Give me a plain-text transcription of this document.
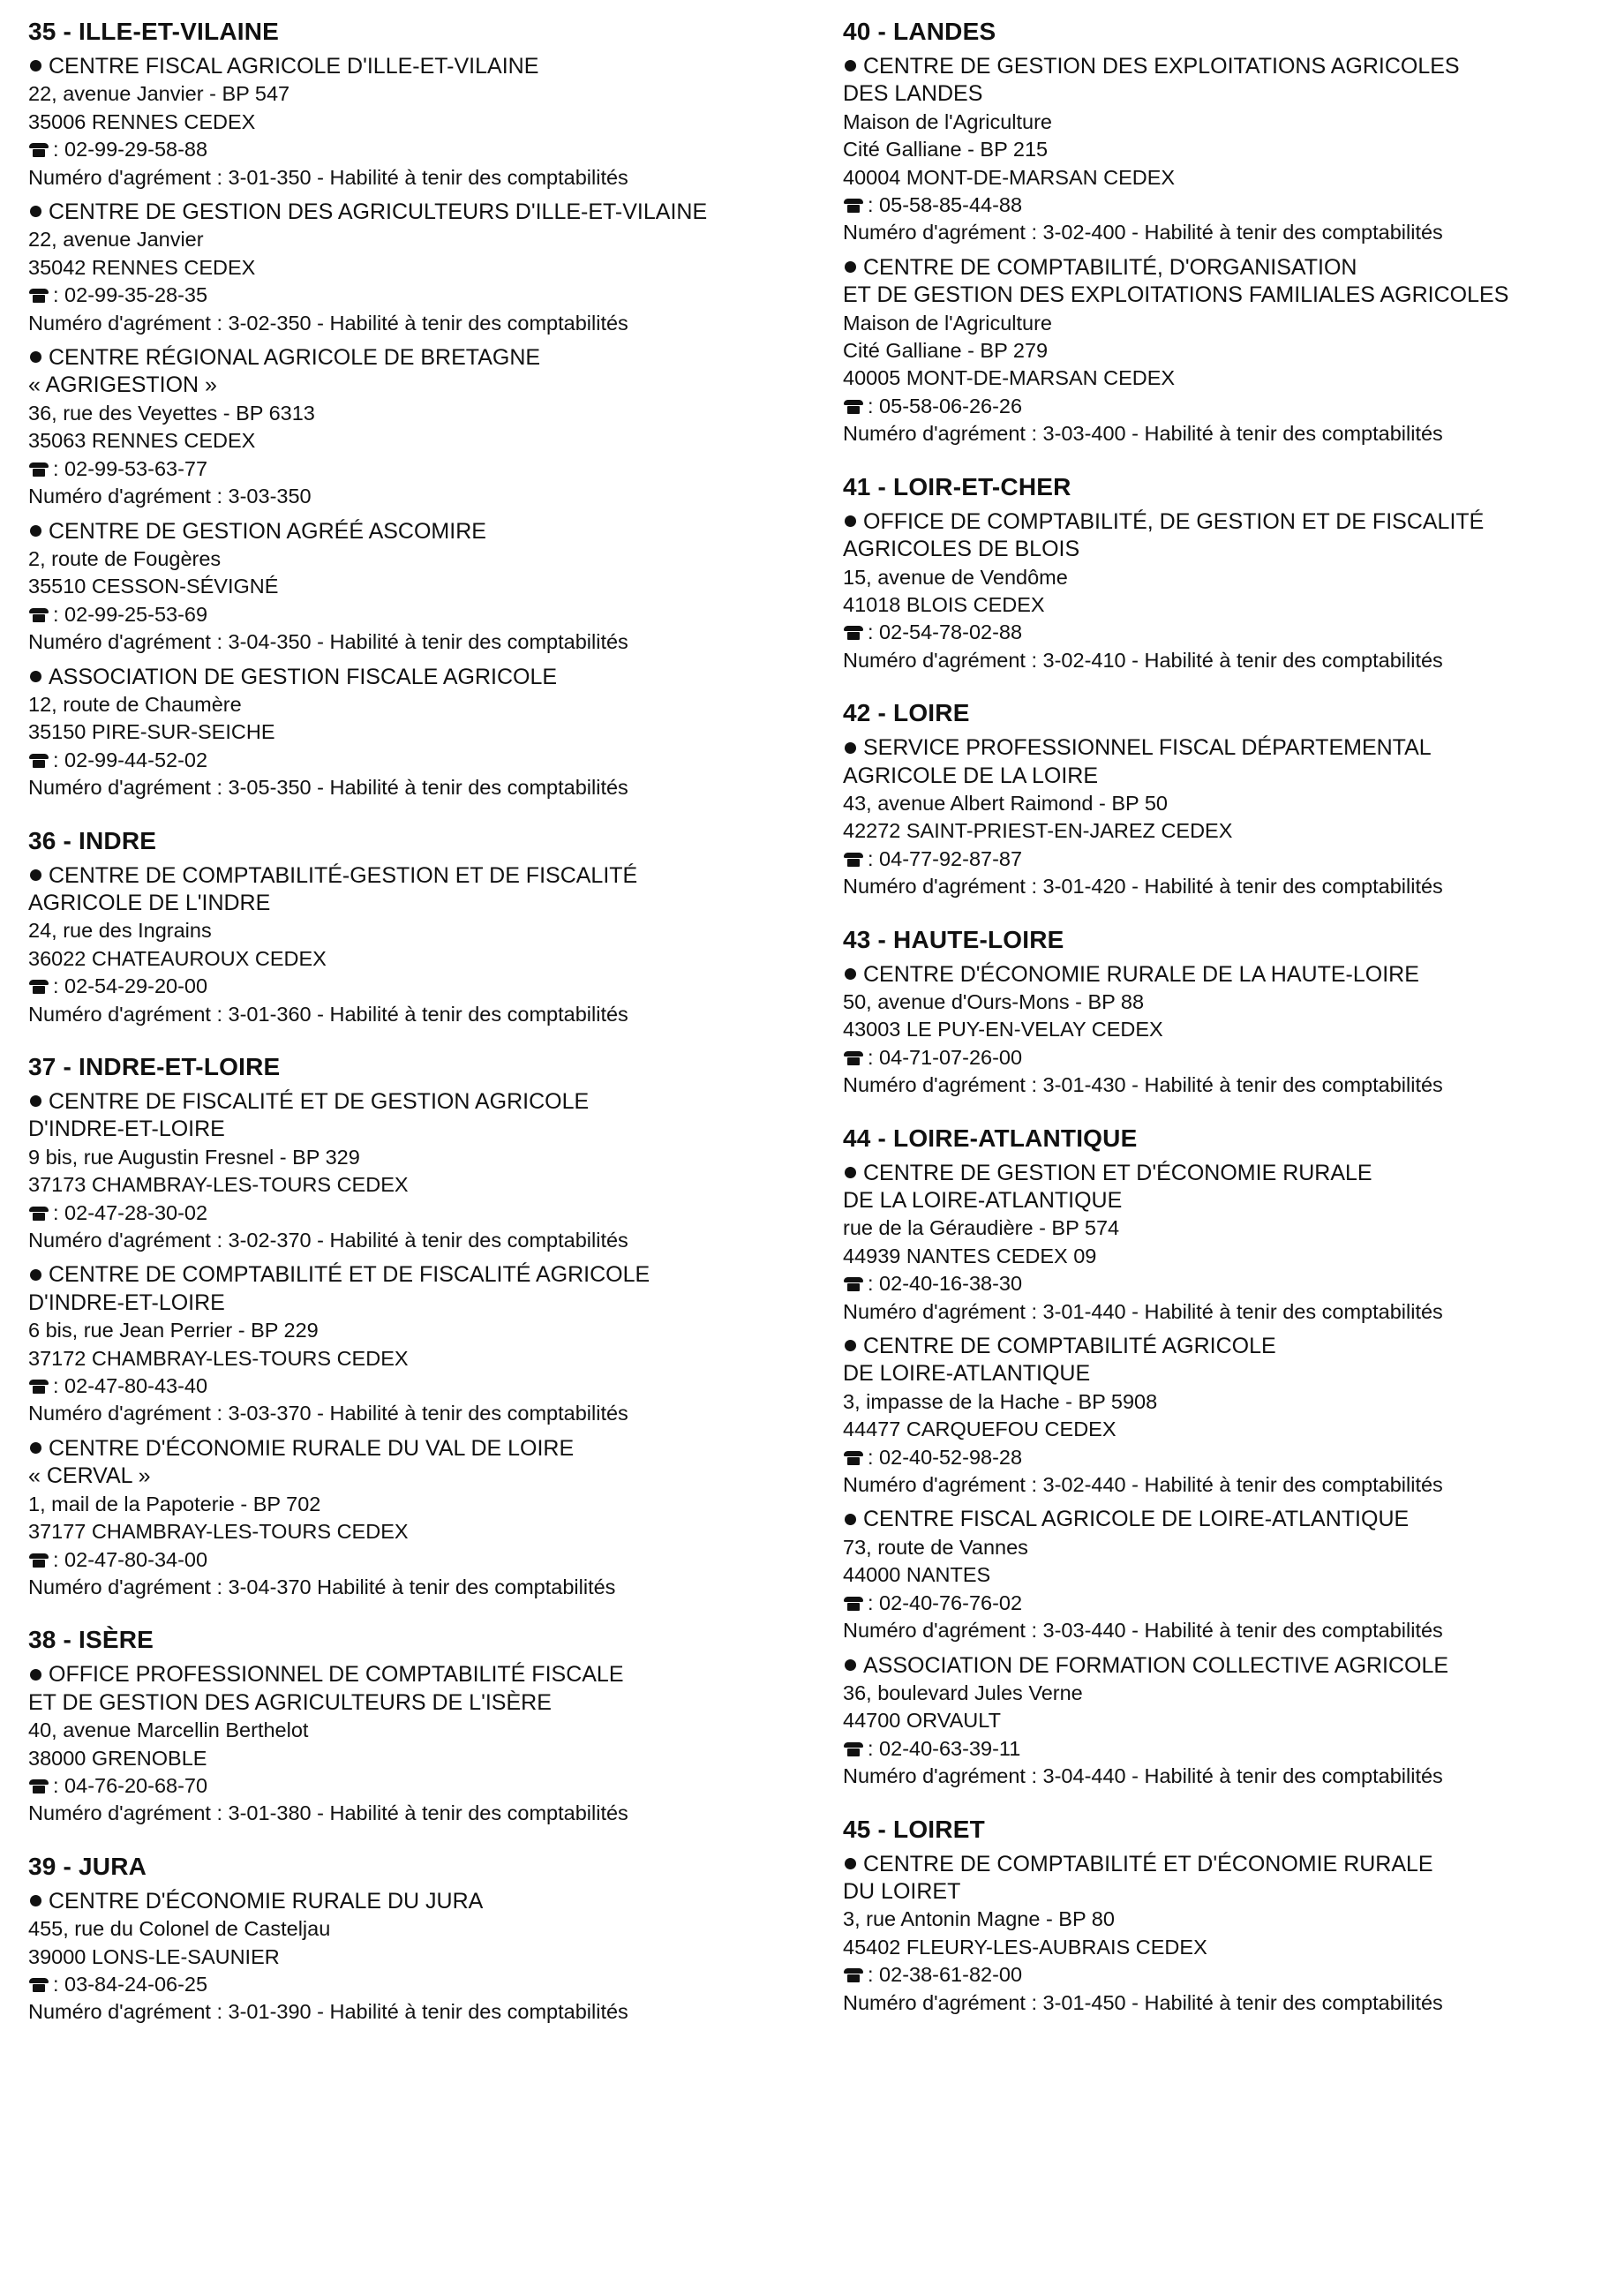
35 - ILLE-ET-VILAINE
CENTRE FISCAL AGRICOLE D'ILLE-ET-VILAINE
22, avenue Janvier - BP 547
35006 RENNES CEDEX
: 02-99-29-58-88
Numéro d'agrément : 3-01-350 - Habilité à tenir des comptabilités
CENTRE DE GESTION DES AGRICULTEURS D'ILLE-ET-VILAINE
22, avenue Janvier
35042 RENNES CEDEX
: 02-99-35-28-35
Numéro d'agrément : 3-02-350 - Habilité à tenir des comptabilités
CENTRE RÉGIONAL AGRICOLE DE BRETAGNE
« AGRIGESTION »
36, rue des Veyettes - BP 6313
35063 RENNES CEDEX
: 02-99-53-63-77
Numéro d'agrément : 3-03-350
CENTRE DE GESTION AGRÉÉ ASCOMIRE
2, route de Fougères
35510 CESSON-SÉVIGNÉ
: 02-99-25-53-69
Numéro d'agrément : 3-04-350 - Habilité à tenir des comptabilités
ASSOCIATION DE GESTION FISCALE AGRICOLE
12, route de Chaumère
35150 PIRE-SUR-SEICHE
: 02-99-44-52-02
Numéro d'agrément : 3-05-350 - Habilité à tenir des comptabilités
36 - INDRE
CENTRE DE COMPTABILITÉ-GESTION ET DE FISCALITÉ
AGRICOLE DE L'INDRE
24, rue des Ingrains
36022 CHATEAUROUX CEDEX
: 02-54-29-20-00
Numéro d'agrément : 3-01-360 - Habilité à tenir des comptabilités
37 - INDRE-ET-LOIRE
CENTRE DE FISCALITÉ ET DE GESTION AGRICOLE
D'INDRE-ET-LOIRE
9 bis, rue Augustin Fresnel - BP 329
37173 CHAMBRAY-LES-TOURS CEDEX
: 02-47-28-30-02
Numéro d'agrément : 3-02-370 - Habilité à tenir des comptabilités
CENTRE DE COMPTABILITÉ ET DE FISCALITÉ AGRICOLE
D'INDRE-ET-LOIRE
6 bis, rue Jean Perrier - BP 229
37172 CHAMBRAY-LES-TOURS CEDEX
: 02-47-80-43-40
Numéro d'agrément : 3-03-370 - Habilité à tenir des comptabilités
CENTRE D'ÉCONOMIE RURALE DU VAL DE LOIRE
« CERVAL »
1, mail de la Papoterie - BP 702
37177 CHAMBRAY-LES-TOURS CEDEX
: 02-47-80-34-00
Numéro d'agrément : 3-04-370 Habilité à tenir des comptabilités
38 - ISÈRE
OFFICE PROFESSIONNEL DE COMPTABILITÉ FISCALE
ET DE GESTION DES AGRICULTEURS DE L'ISÈRE
40, avenue Marcellin Berthelot
38000 GRENOBLE
: 04-76-20-68-70
Numéro d'agrément : 3-01-380 - Habilité à tenir des comptabilités
39 - JURA
CENTRE D'ÉCONOMIE RURALE DU JURA
455, rue du Colonel de Casteljau
39000 LONS-LE-SAUNIER
: 03-84-24-06-25
Numéro d'agrément : 3-01-390 - Habilité à tenir des comptabilités
40 - LANDES
CENTRE DE GESTION DES EXPLOITATIONS AGRICOLES
DES LANDES
Maison de l'Agriculture
Cité Galliane - BP 215
40004 MONT-DE-MARSAN CEDEX
: 05-58-85-44-88
Numéro d'agrément : 3-02-400 - Habilité à tenir des comptabilités
CENTRE DE COMPTABILITÉ, D'ORGANISATION
ET DE GESTION DES EXPLOITATIONS FAMILIALES AGRICOLES
Maison de l'Agriculture
Cité Galliane - BP 279
40005 MONT-DE-MARSAN CEDEX
: 05-58-06-26-26
Numéro d'agrément : 3-03-400 - Habilité à tenir des comptabilités
41 - LOIR-ET-CHER
OFFICE DE COMPTABILITÉ, DE GESTION ET DE FISCALITÉ
AGRICOLES DE BLOIS
15, avenue de Vendôme
41018 BLOIS CEDEX
: 02-54-78-02-88
Numéro d'agrément : 3-02-410 - Habilité à tenir des comptabilités
42 - LOIRE
SERVICE PROFESSIONNEL FISCAL DÉPARTEMENTAL
AGRICOLE DE LA LOIRE
43, avenue Albert Raimond - BP 50
42272 SAINT-PRIEST-EN-JAREZ CEDEX
: 04-77-92-87-87
Numéro d'agrément : 3-01-420 - Habilité à tenir des comptabilités
43 - HAUTE-LOIRE
CENTRE D'ÉCONOMIE RURALE DE LA HAUTE-LOIRE
50, avenue d'Ours-Mons - BP 88
43003 LE PUY-EN-VELAY CEDEX
: 04-71-07-26-00
Numéro d'agrément : 3-01-430 - Habilité à tenir des comptabilités
44 - LOIRE-ATLANTIQUE
CENTRE DE GESTION ET D'ÉCONOMIE RURALE
DE LA LOIRE-ATLANTIQUE
rue de la Géraudière - BP 574
44939 NANTES CEDEX 09
: 02-40-16-38-30
Numéro d'agrément : 3-01-440 - Habilité à tenir des comptabilités
CENTRE DE COMPTABILITÉ AGRICOLE
DE LOIRE-ATLANTIQUE
3, impasse de la Hache - BP 5908
44477 CARQUEFOU CEDEX
: 02-40-52-98-28
Numéro d'agrément : 3-02-440 - Habilité à tenir des comptabilités
CENTRE FISCAL AGRICOLE DE LOIRE-ATLANTIQUE
73, route de Vannes
44000 NANTES
: 02-40-76-76-02
Numéro d'agrément : 3-03-440 - Habilité à tenir des comptabilités
ASSOCIATION DE FORMATION COLLECTIVE AGRICOLE
36, boulevard Jules Verne
44700 ORVAULT
: 02-40-63-39-11
Numéro d'agrément : 3-04-440 - Habilité à tenir des comptabilités
45 - LOIRET
CENTRE DE COMPTABILITÉ ET D'ÉCONOMIE RURALE
DU LOIRET
3, rue Antonin Magne - BP 80
45402 FLEURY-LES-AUBRAIS CEDEX
: 02-38-61-82-00
Numéro d'agrément : 3-01-450 - Habilité à tenir des comptabilités
